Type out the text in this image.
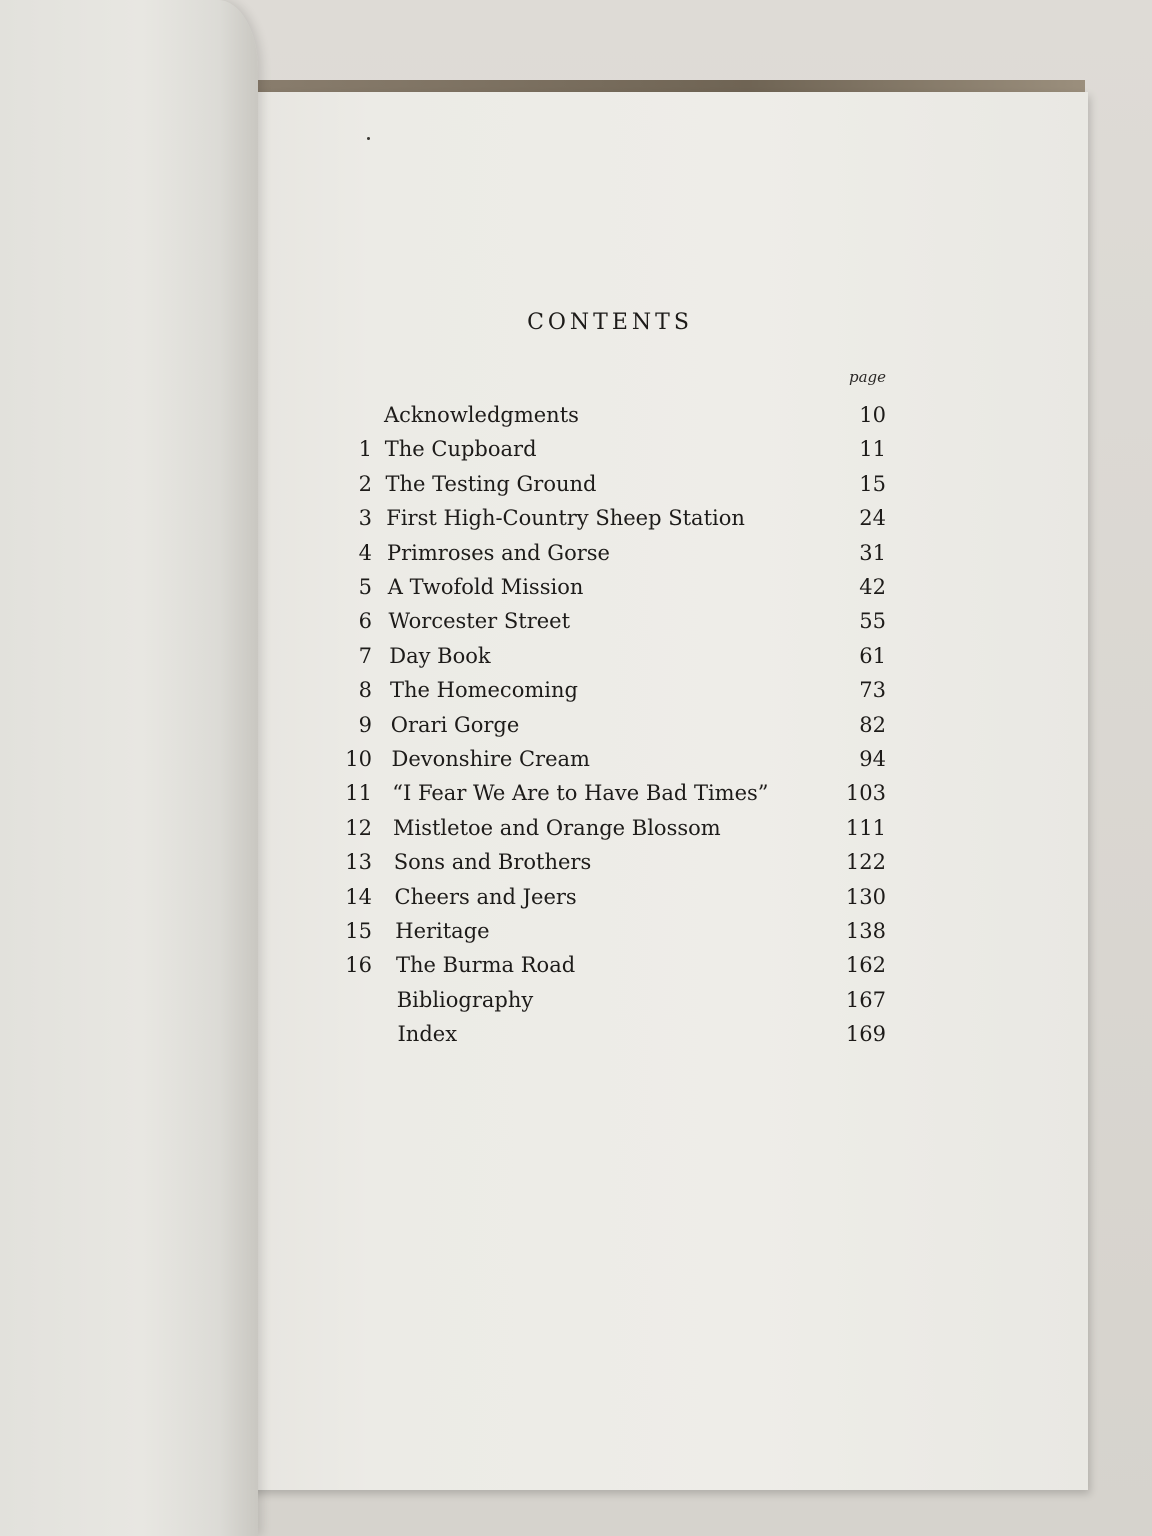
CONTENTS
page
Acknowledgments	10
1 The Cupboard	11
2 The Testing Ground	15
3 First High-Country Sheep Station	24
4 Primroses and Gorse	31
5 A Twofold Mission	42
6 Worcester Street	55
7 Day Book	61
8 The Homecoming	73
9 Orari Gorge	82
10 Devonshire Cream	94
11 “I Fear We Are to Have Bad Times”	103
12 Mistletoe and Orange Blossom	111
13 Sons and Brothers	122
14 Cheers and Jeers	130
15 Heritage	138
16 The Burma Road	162
Bibliography	167
Index	169
